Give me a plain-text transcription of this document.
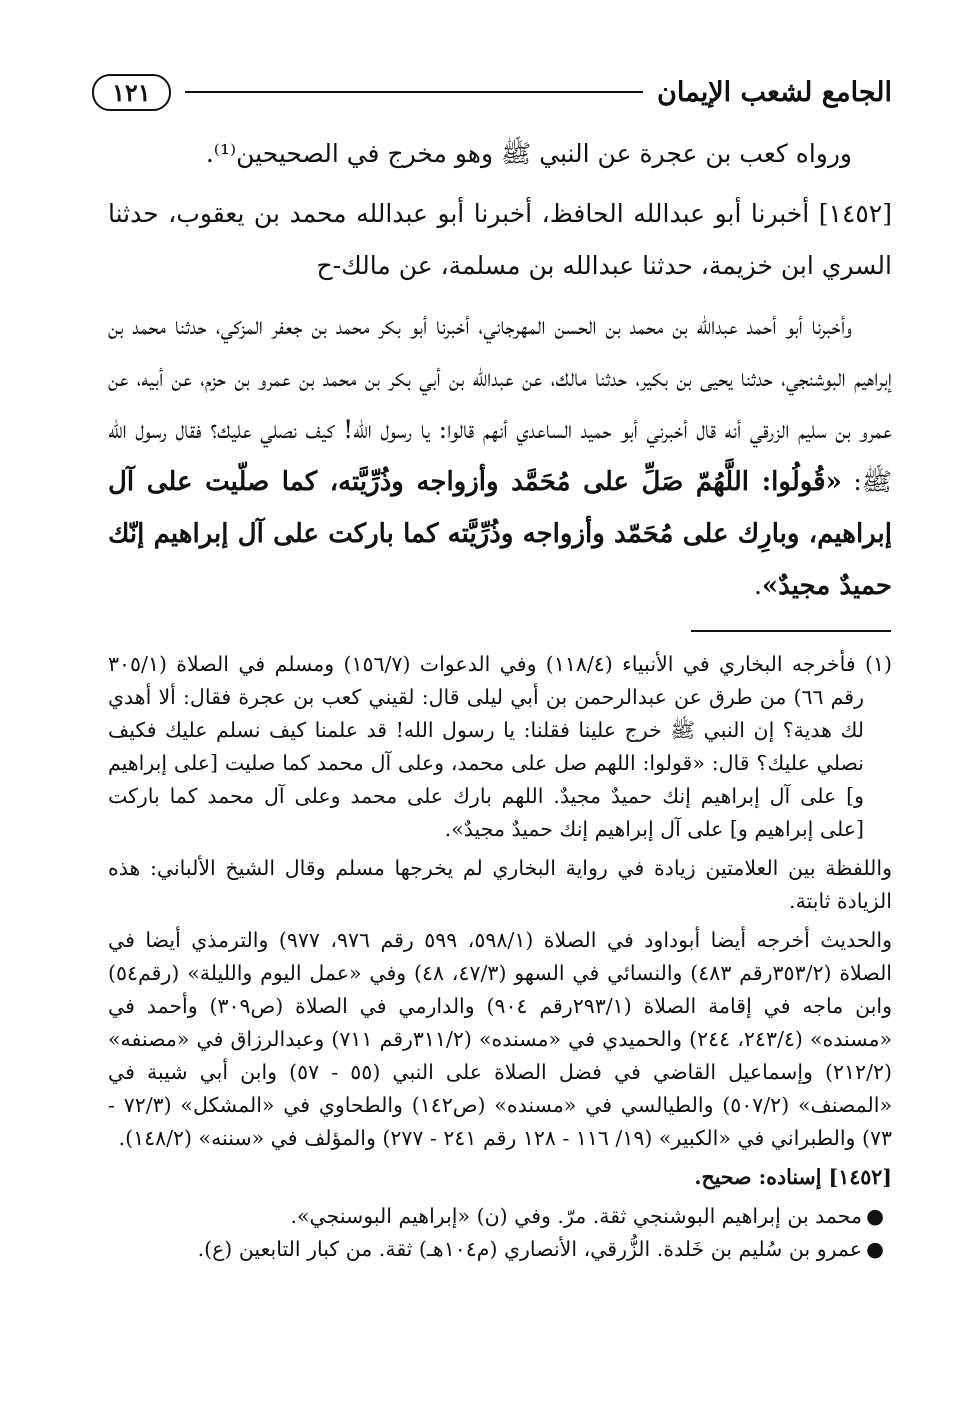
الجامع لشعب الإيمان
١٢١

ورواه كعب بن عجرة عن النبي ﷺ وهو مخرج في الصحيحين⁽¹⁾.

[١٤٥٢] أخبرنا أبو عبدالله الحافظ، أخبرنا أبو عبدالله محمد بن يعقوب، حدثنا السري ابن خزيمة، حدثنا عبدالله بن مسلمة، عن مالك-ح

وأخبرنا أبو أحمد عبدالله بن محمد بن الحسن المهرجاني، أخبرنا أبو بكر محمد بن جعفر المزكي، حدثنا محمد بن إبراهيم البوشنجي، حدثنا يحيى بن بكير، حدثنا مالك، عن عبدالله بن أبي بكر بن محمد بن عمرو بن حزم، عن أبيه، عن عمرو بن سليم الزرقي أنه قال أخبرني أبو حميد الساعدي أنهم قالوا: يا رسول الله! كيف نصلي عليك؟ فقال رسول الله ﷺ: «قُولُوا: اللَّهُمّ صَلِّ على مُحَمَّد وأزواجه وذُرِّيَّته، كما صلّيت على آل إبراهيم، وبارِك على مُحَمّد وأزواجه وذُرِّيَّته كما باركت على آل إبراهيم إنّك حميدٌ مجيدٌ».

(١) فأخرجه البخاري في الأنبياء (١١٨/٤) وفي الدعوات (١٥٦/٧) ومسلم في الصلاة (٣٠٥/١ رقم ٦٦) من طرق عن عبدالرحمن بن أبي ليلى قال: لقيني كعب بن عجرة فقال: ألا أهدي لك هدية؟ إن النبي ﷺ خرج علينا فقلنا: يا رسول الله! قد علمنا كيف نسلم عليك فكيف نصلي عليك؟ قال: «قولوا: اللهم صل على محمد، وعلى آل محمد كما صليت [على إبراهيم و] على آل إبراهيم إنك حميدٌ مجيدٌ. اللهم بارك على محمد وعلى آل محمد كما باركت [على إبراهيم و] على آل إبراهيم إنك حميدٌ مجيدٌ».

واللفظة بين العلامتين زيادة في رواية البخاري لم يخرجها مسلم وقال الشيخ الألباني: هذه الزيادة ثابتة.

والحديث أخرجه أيضا أبوداود في الصلاة (٥٩٨/١، ٥٩٩ رقم ٩٧٦، ٩٧٧) والترمذي أيضا في الصلاة (٣٥٣/٢رقم ٤٨٣) والنسائي في السهو (٤٧/٣، ٤٨) وفي «عمل اليوم والليلة» (رقم٥٤) وابن ماجه في إقامة الصلاة (٢٩٣/١رقم ٩٠٤) والدارمي في الصلاة (ص٣٠٩) وأحمد في «مسنده» (٢٤٣/٤، ٢٤٤) والحميدي في «مسنده» (٣١١/٢رقم ٧١١) وعبدالرزاق في «مصنفه» (٢١٢/٢) وإسماعيل القاضي في فضل الصلاة على النبي (٥٥ - ٥٧) وابن أبي شيبة في «المصنف» (٥٠٧/٢) والطيالسي في «مسنده» (ص١٤٢) والطحاوي في «المشكل» (٧٢/٣ - ٧٣) والطبراني في «الكبير» (١٩/ ١١٦ - ١٢٨ رقم ٢٤١ - ٢٧٧) والمؤلف في «سننه» (١٤٨/٢).

[١٤٥٢] إسناده: صحيح.

●
محمد بن إبراهيم البوشنجي ثقة. مرّ. وفي (ن) «إبراهيم البوسنجي».
●
عمرو بن سُليم بن خَلدة. الزُّرقي، الأنصاري (م١٠٤هـ) ثقة. من كبار التابعين (ع).
